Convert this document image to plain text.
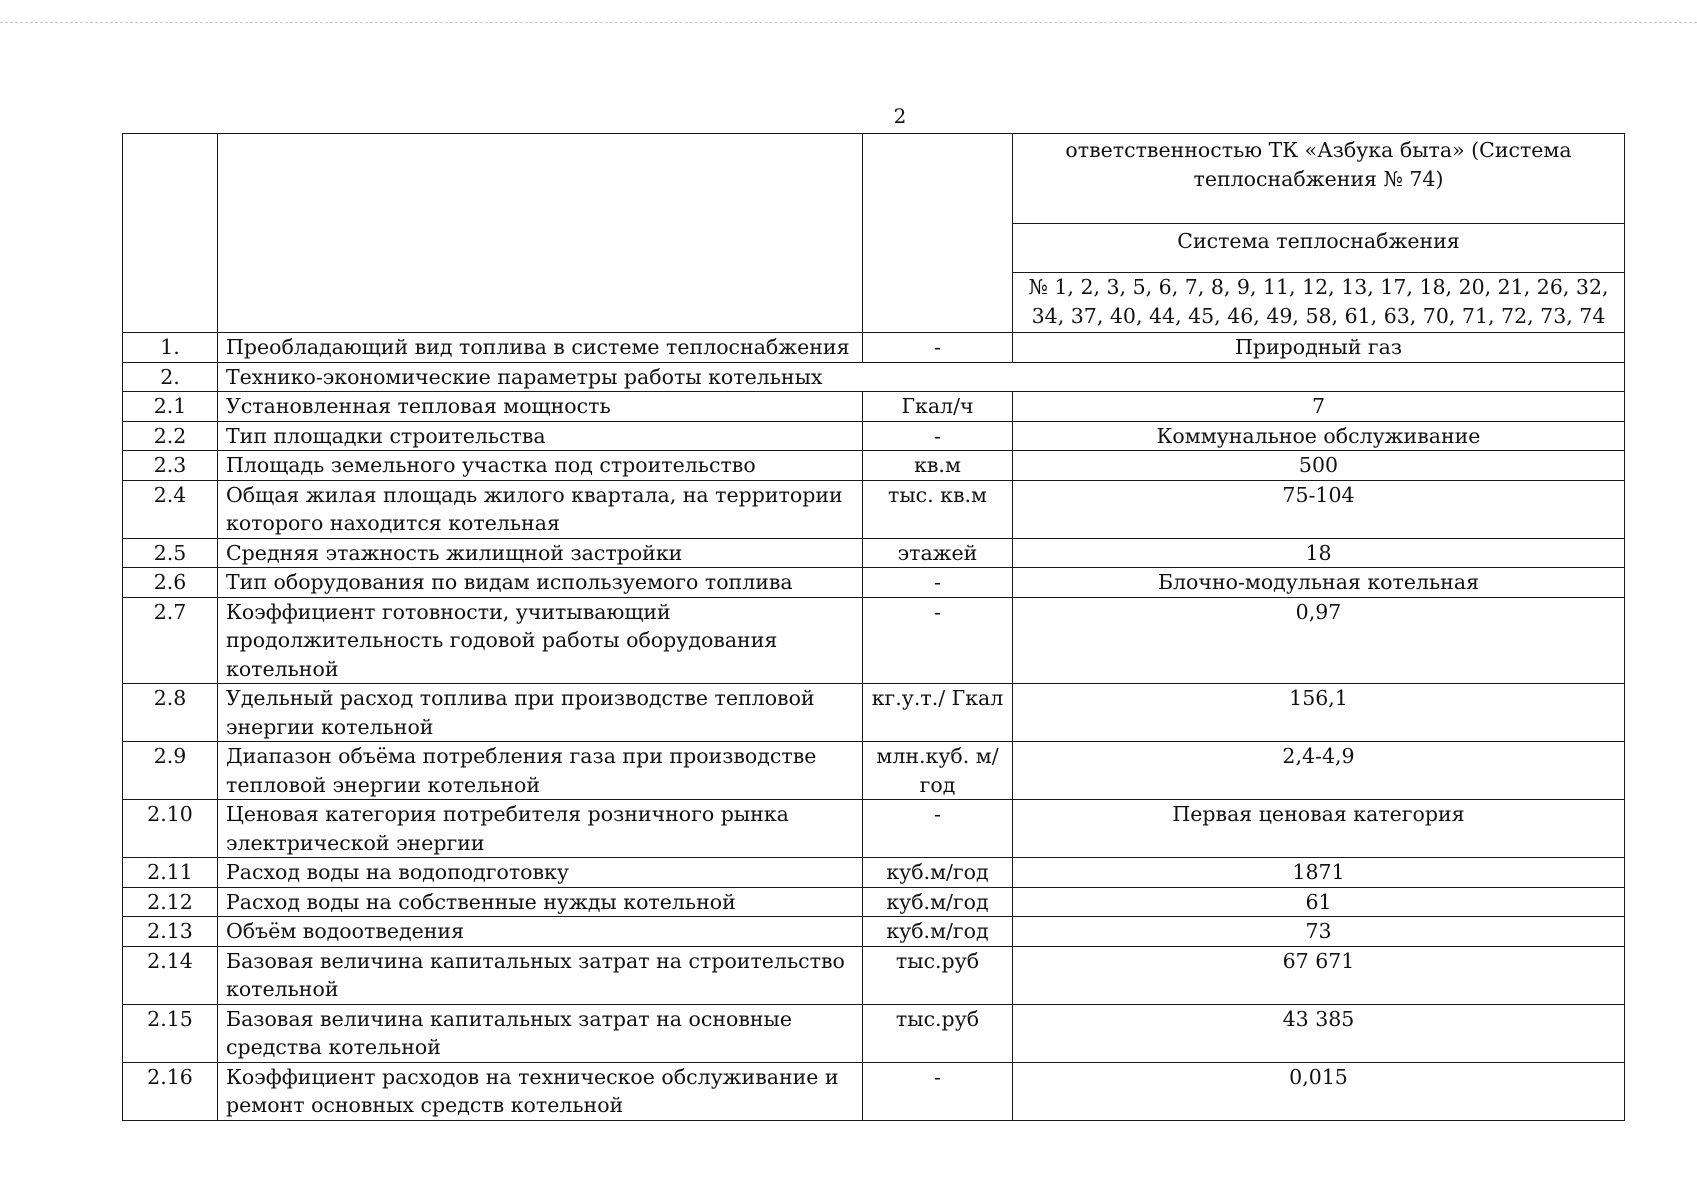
2

			ответственностью ТК «Азбука быта» (Система теплоснабжения № 74)
Система теплоснабжения
№ 1, 2, 3, 5, 6, 7, 8, 9, 11, 12, 13, 17, 18, 20, 21, 26, 32, 34, 37, 40, 44, 45, 46, 49, 58, 61, 63, 70, 71, 72, 73, 74

1.	Преобладающий вид топлива в системе теплоснабжения	-	Природный газ
2.	Технико-экономические параметры работы котельных		
2.1	Установленная тепловая мощность	Гкал/ч	7
2.2	Тип площадки строительства	-	Коммунальное обслуживание
2.3	Площадь земельного участка под строительство	кв.м	500
2.4	Общая жилая площадь жилого квартала, на территории которого находится котельная	тыс. кв.м	75-104
2.5	Средняя этажность жилищной застройки	этажей	18
2.6	Тип оборудования по видам используемого топлива	-	Блочно-модульная котельная
2.7	Коэффициент готовности, учитывающий продолжительность годовой работы оборудования котельной	-	0,97
2.8	Удельный расход топлива при производстве тепловой энергии котельной	кг.у.т./ Гкал	156,1
2.9	Диапазон объёма потребления газа при производстве тепловой энергии котельной	млн.куб. м/ год	2,4-4,9
2.10	Ценовая категория потребителя розничного рынка электрической энергии	-	Первая ценовая категория
2.11	Расход воды на водоподготовку	куб.м/год	1871
2.12	Расход воды на собственные нужды котельной	куб.м/год	61
2.13	Объём водоотведения	куб.м/год	73
2.14	Базовая величина капитальных затрат на строительство котельной	тыс.руб	67 671
2.15	Базовая величина капитальных затрат на основные средства котельной	тыс.руб	43 385
2.16	Коэффициент расходов на техническое обслуживание и ремонт основных средств котельной	-	0,015
